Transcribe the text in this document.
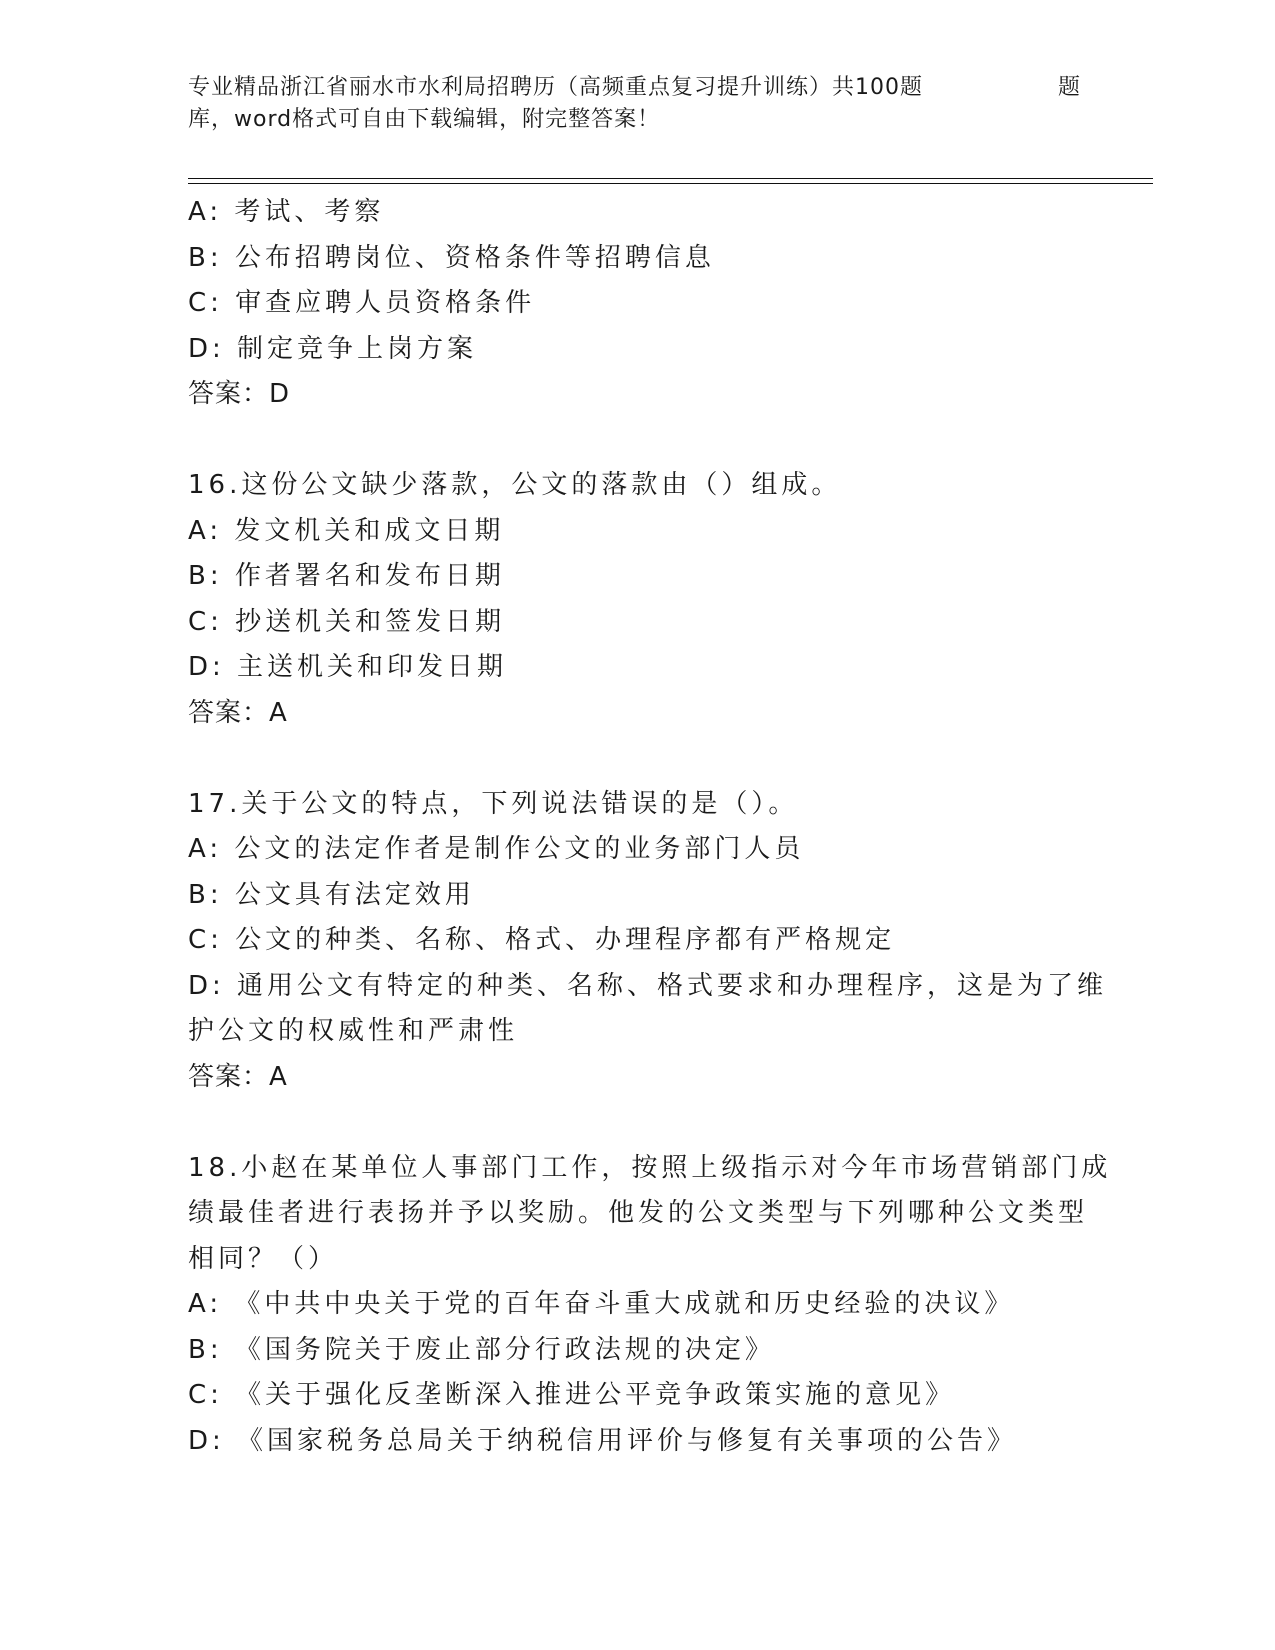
专业精品浙江省丽水市水利局招聘历（高频重点复习提升训练）共100题	题
库，word格式可自由下载编辑，附完整答案！
A: 考试、考察
B: 公布招聘岗位、资格条件等招聘信息
C: 审查应聘人员资格条件
D: 制定竞争上岗方案
答案：D
16.这份公文缺少落款，公文的落款由（）组成。
A: 发文机关和成文日期
B: 作者署名和发布日期
C: 抄送机关和签发日期
D: 主送机关和印发日期
答案：A
17.关于公文的特点，下列说法错误的是（）。
A: 公文的法定作者是制作公文的业务部门人员
B: 公文具有法定效用
C: 公文的种类、名称、格式、办理程序都有严格规定
D: 通用公文有特定的种类、名称、格式要求和办理程序，这是为了维
护公文的权威性和严肃性
答案：A
18.小赵在某单位人事部门工作，按照上级指示对今年市场营销部门成
绩最佳者进行表扬并予以奖励。他发的公文类型与下列哪种公文类型
相同？（）
A: 《中共中央关于党的百年奋斗重大成就和历史经验的决议》
B: 《国务院关于废止部分行政法规的决定》
C: 《关于强化反垄断深入推进公平竞争政策实施的意见》
D: 《国家税务总局关于纳税信用评价与修复有关事项的公告》
